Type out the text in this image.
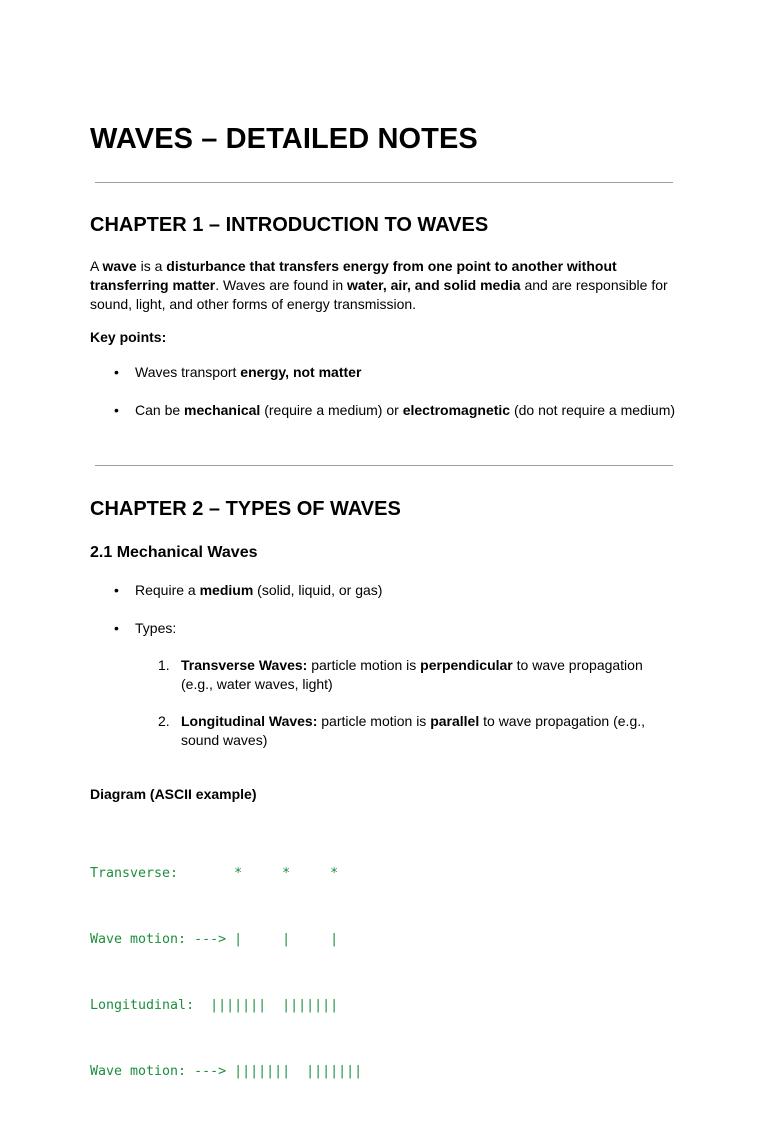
WAVES – DETAILED NOTES
CHAPTER 1 – INTRODUCTION TO WAVES

A wave is a disturbance that transfers energy from one point to another without transferring matter. Waves are found in water, air, and solid media and are responsible for sound, light, and other forms of energy transmission.

Key points:

• Waves transport energy, not matter
• Can be mechanical (require a medium) or electromagnetic (do not require a medium)
CHAPTER 2 – TYPES OF WAVES
2.1 Mechanical Waves
• Require a medium (solid, liquid, or gas)
• Types:
1. Transverse Waves: particle motion is perpendicular to wave propagation (e.g., water waves, light)
2. Longitudinal Waves: particle motion is parallel to wave propagation (e.g., sound waves)

Diagram (ASCII example)

Transverse:       *     *     *

Wave motion: ---> |     |     |

Longitudinal:  |||||||  |||||||

Wave motion: ---> |||||||  |||||||
